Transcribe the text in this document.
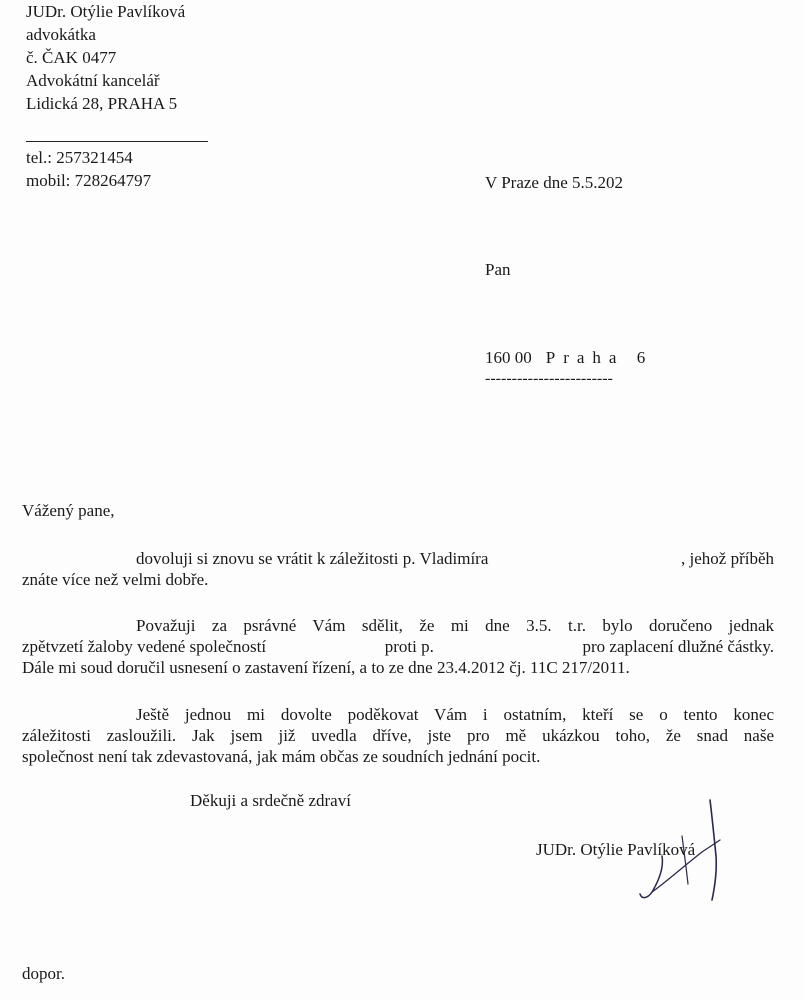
JUDr. Otýlie Pavlíková
advokátka
č. ČAK 0477
Advokátní kancelář
Lidická 28, PRAHA 5
tel.: 257321454
mobil: 728264797	V Praze dne 5.5.202
Pan
160 00 Praha 6
------------------------
Vážený pane,
dovoluji si znovu se vrátit k záležitosti p. Vladimíra	, jehož příběh
znáte více než velmi dobře.
Považuji za psrávné Vám sdělit, že mi dne 3.5. t.r. bylo doručeno jednak
zpětvzetí žaloby vedené společností	proti p.	pro zaplacení dlužné částky.
Dále mi soud doručil usnesení o zastavení řízení, a to ze dne 23.4.2012 čj. 11C 217/2011.
Ještě jednou mi dovolte poděkovat Vám i ostatním, kteří se o tento konec
záležitosti zasloužili. Jak jsem již uvedla dříve, jste pro mě ukázkou toho, že snad naše
společnost není tak zdevastovaná, jak mám občas ze soudních jednání pocit.
Děkuji a srdečně zdraví
JUDr. Otýlie Pavlíková
dopor.
